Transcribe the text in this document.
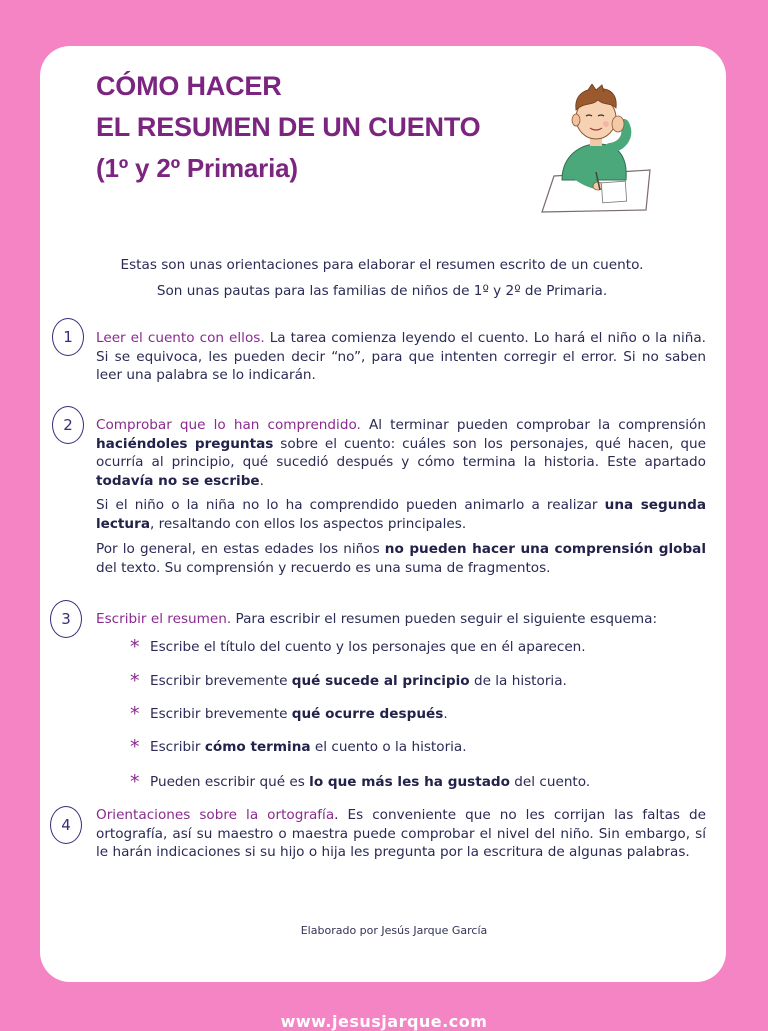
CÓMO HACER
EL RESUMEN DE UN CUENTO
(1º y 2º Primaria)
Estas son unas orientaciones para elaborar el resumen escrito de un cuento.
Son unas pautas para las familias de niños de 1º y 2º de Primaria.
1	Leer el cuento con ellos. La tarea comienza leyendo el cuento. Lo hará el niño o la niña. Si se equivoca, les pueden decir “no”, para que intenten corregir el error. Si no saben leer una palabra se lo indicarán.

2	Comprobar que lo han comprendido. Al terminar pueden comprobar la comprensión haciéndoles preguntas sobre el cuento: cuáles son los personajes, qué hacen, que ocurría al principio, qué sucedió después y cómo termina la historia. Este apartado todavía no se escribe.

Si el niño o la niña no lo ha comprendido pueden animarlo a realizar una segunda lectura, resaltando con ellos los aspectos principales.

Por lo general, en estas edades los niños no pueden hacer una comprensión global del texto. Su comprensión y recuerdo es una suma de fragmentos.

3	Escribir el resumen. Para escribir el resumen pueden seguir el siguiente esquema:

* Escribe el título del cuento y los personajes que en él aparecen.
* Escribir brevemente qué sucede al principio de la historia.
* Escribir brevemente qué ocurre después.
* Escribir cómo termina el cuento o la historia.
* Pueden escribir qué es lo que más les ha gustado del cuento.
4

Orientaciones sobre la ortografía. Es conveniente que no les corrijan las faltas de ortografía, así su maestro o maestra puede comprobar el nivel del niño. Sin embargo, sí le harán indicaciones si su hijo o hija les pregunta por la escritura de algunas palabras.

Elaborado por Jesús Jarque García
www.jesusjarque.com
